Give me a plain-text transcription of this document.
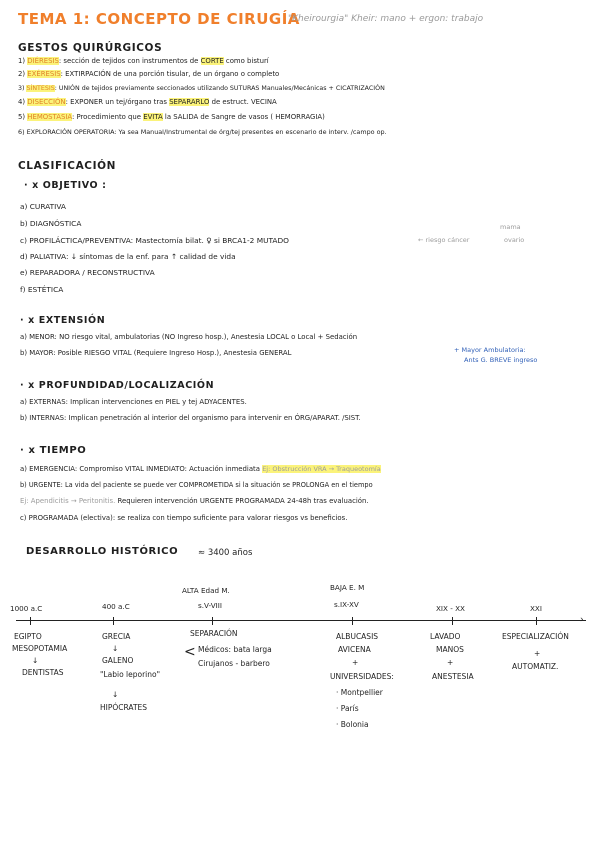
TEMA 1: CONCEPTO DE CIRUGÍA
"Kheirourgia" Kheir: mano + ergon: trabajo
GESTOS QUIRÚRGICOS
1) DIÉRESIS: sección de tejidos con instrumentos de CORTE como bisturí
2) EXÉRESIS: EXTIRPACIÓN de una porción tisular, de un órgano o completo
3) SÍNTESIS: UNIÓN de tejidos previamente seccionados utilizando SUTURAS Manuales/Mecánicas + CICATRIZACIÓN
4) DISECCIÓN: EXPONER un tej/órgano tras SEPARARLO de estruct. VECINA
5) HEMOSTASIA: Procedimiento que EVITA la SALIDA de Sangre de vasos ( HEMORRAGIA)
6) EXPLORACIÓN OPERATORIA: Ya sea Manual/Instrumental de órg/tej presentes en escenario de interv. /campo op.
CLASIFICACIÓN
· x OBJETIVO :
a) CURATIVA
b) DIAGNÓSTICA
c) PROFILÁCTICA/PREVENTIVA: Mastectomía bilat. ♀ si BRCA1-2 MUTADO	← riesgo cáncer
mama
ovario
d) PALIATIVA: ↓ síntomas de la enf. para ↑ calidad de vida
e) REPARADORA / RECONSTRUCTIVA
f) ESTÉTICA
· x EXTENSIÓN
a) MENOR: NO riesgo vital, ambulatorias (NO Ingreso hosp.), Anestesia LOCAL o Local + Sedación
b) MAYOR: Posible RIESGO VITAL (Requiere Ingreso Hosp.), Anestesia GENERAL	+ Mayor Ambulatoria:
Ants G. BREVE ingreso
· x PROFUNDIDAD/LOCALIZACIÓN
a) EXTERNAS: Implican intervenciones en PIEL y tej ADYACENTES.
b) INTERNAS: Implican penetración al interior del organismo para intervenir en ÓRG/APARAT. /SIST.
· x TIEMPO
a) EMERGENCIA: Compromiso VITAL INMEDIATO: Actuación inmediata Ej: Obstrucción VRA → Traqueotomía
b) URGENTE: La vida del paciente se puede ver COMPROMETIDA si la situación se PROLONGA en el tiempo
Ej: Apendicitis → Peritonitis. Requieren intervención URGENTE PROGRAMADA 24-48h tras evaluación.
c) PROGRAMADA (electiva): se realiza con tiempo suficiente para valorar riesgos vs beneficios.
DESARROLLO HISTÓRICO ≈ 3400 años
›
1000 a.C	400 a.C
ALTA Edad M.
s.V-VIII
BAJA E. M
s.IX-XV	XIX - XX	XXI
EGIPTO
MESOPOTAMIA
↓
DENTISTAS
GRECIA
↓
GALENO
"Labio leporino"
↓
HIPÓCRATES
SEPARACIÓN
< Médicos: bata larga
Cirujanos - barbero
ALBUCASIS
AVICENA
+
UNIVERSIDADES:
· Montpellier
· París
· Bolonia
LAVADO
MANOS
+
ANESTESIA
ESPECIALIZACIÓN
+
AUTOMATIZ.
